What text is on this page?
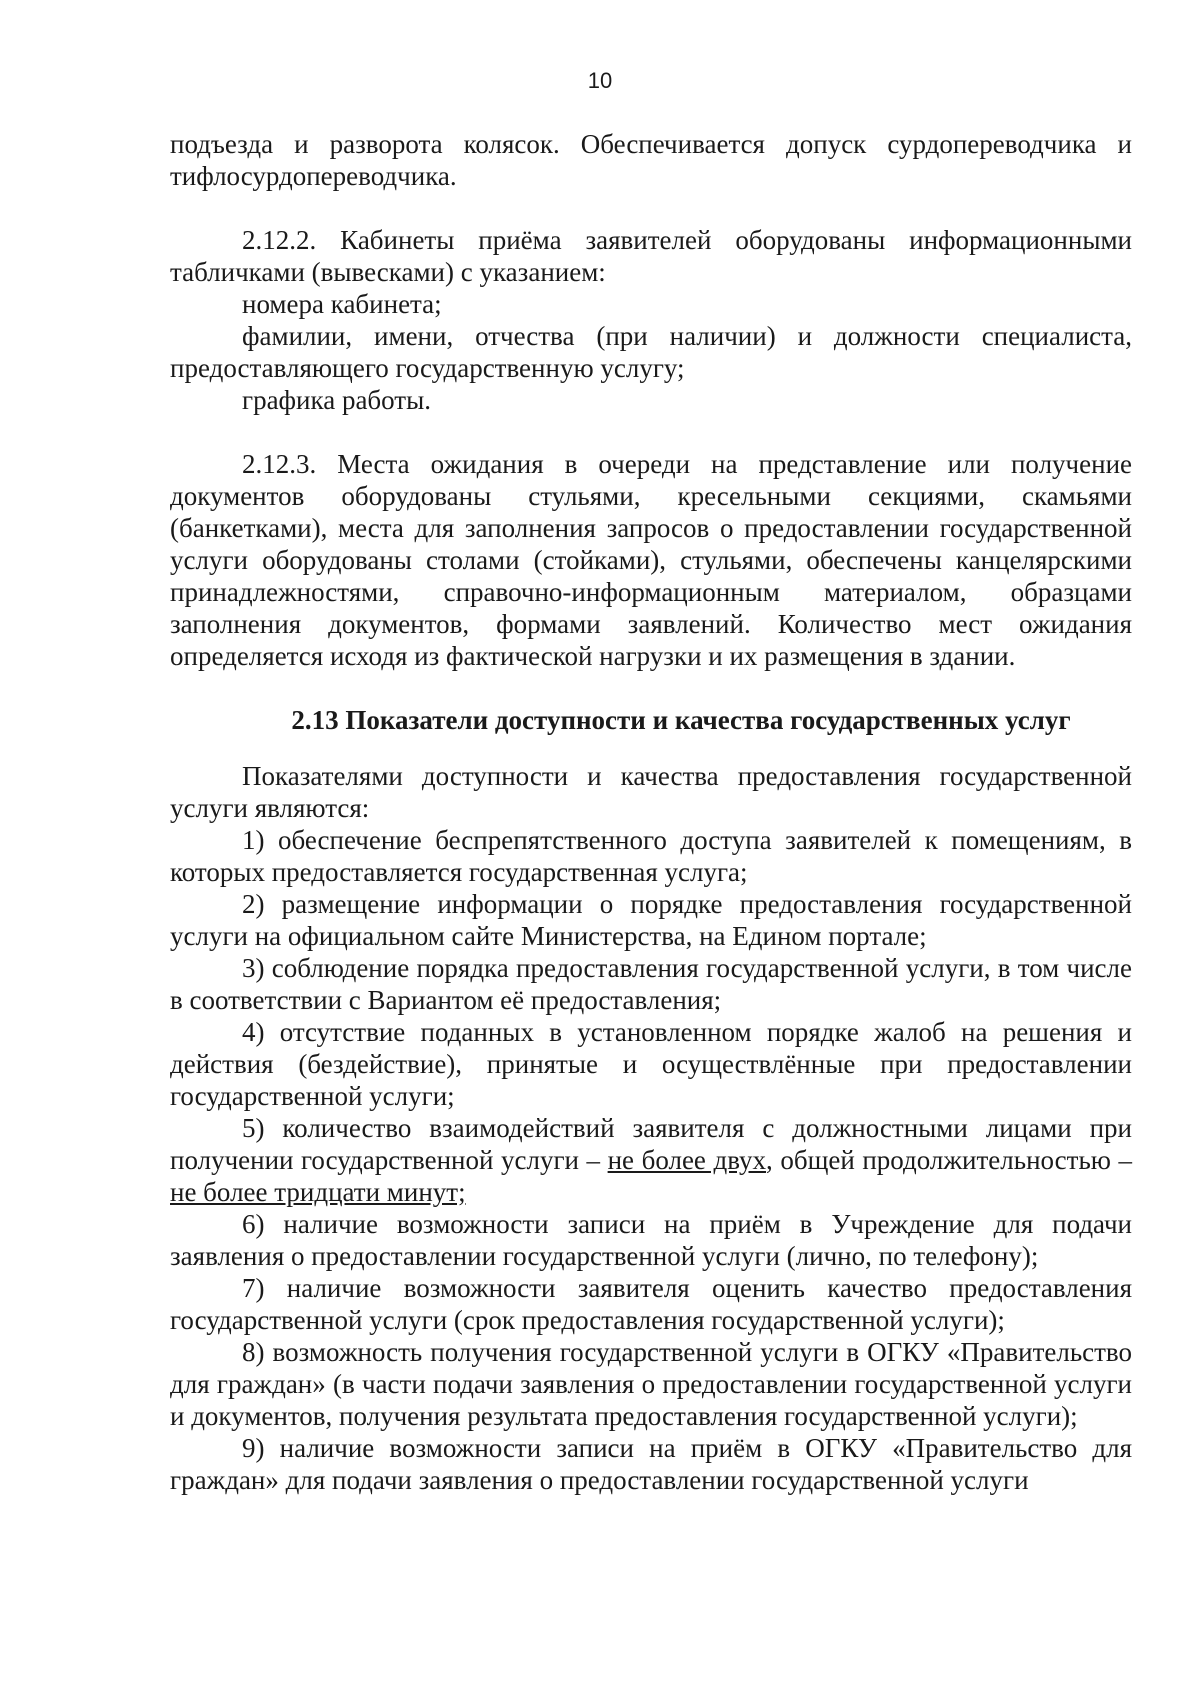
10

подъезда и разворота колясок. Обеспечивается допуск сурдопереводчика и тифлосурдопереводчика.

2.12.2. Кабинеты приёма заявителей оборудованы информационными табличками (вывесками) с указанием:

номера кабинета;

фамилии, имени, отчества (при наличии) и должности специалиста, предоставляющего государственную услугу;

графика работы.

2.12.3. Места ожидания в очереди на представление или получение документов оборудованы стульями, кресельными секциями, скамьями (банкетками), места для заполнения запросов о предоставлении государственной услуги оборудованы столами (стойками), стульями, обеспечены канцелярскими принадлежностями, справочно-информационным материалом, образцами заполнения документов, формами заявлений. Количество мест ожидания определяется исходя из фактической нагрузки и их размещения в здании.

2.13 Показатели доступности и качества государственных услуг

Показателями доступности и качества предоставления государственной услуги являются:

1) обеспечение беспрепятственного доступа заявителей к помещениям, в которых предоставляется государственная услуга;

2) размещение информации о порядке предоставления государственной услуги на официальном сайте Министерства, на Едином портале;

3) соблюдение порядка предоставления государственной услуги, в том числе в соответствии с Вариантом её предоставления;

4) отсутствие поданных в установленном порядке жалоб на решения и действия (бездействие), принятые и осуществлённые при предоставлении государственной услуги;

5) количество взаимодействий заявителя с должностными лицами при получении государственной услуги – не более двух, общей продолжительностью – не более тридцати минут;

6) наличие возможности записи на приём в Учреждение для подачи заявления о предоставлении государственной услуги (лично, по телефону);

7) наличие возможности заявителя оценить качество предоставления государственной услуги (срок предоставления государственной услуги);

8) возможность получения государственной услуги в ОГКУ «Правительство для граждан» (в части подачи заявления о предоставлении государственной услуги и документов, получения результата предоставления государственной услуги);

9) наличие возможности записи на приём в ОГКУ «Правительство для граждан» для подачи заявления о предоставлении государственной услуги
